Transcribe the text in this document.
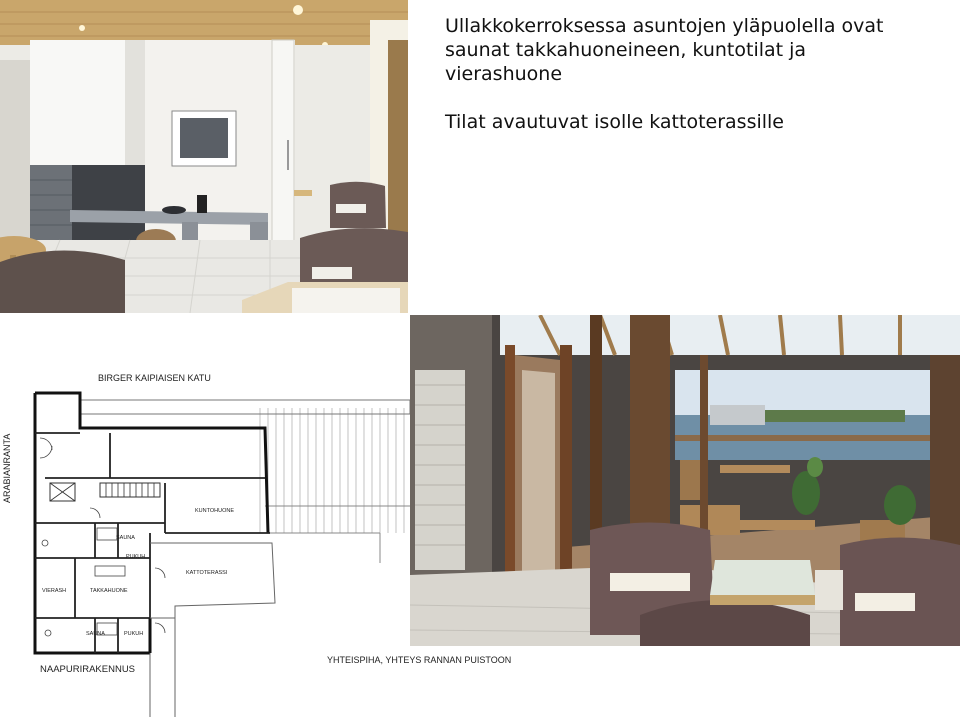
Ullakkokerroksessa asuntojen yläpuolella ovat

saunat takkahuoneineen, kuntotilat ja

vierashuone

Tilat avautuvat isolle kattoterassille

BIRGER KAIPIAISEN KATU
ARABIANRANTA
KUNTOHUONE
SAUNA
PUKUH
VIERASH	TAKKAHUONE
KATTOTERASSI
SAUNA	PUKUH
NAAPURIRAKENNUS
YHTEISPIHA, YHTEYS RANNAN PUISTOON
